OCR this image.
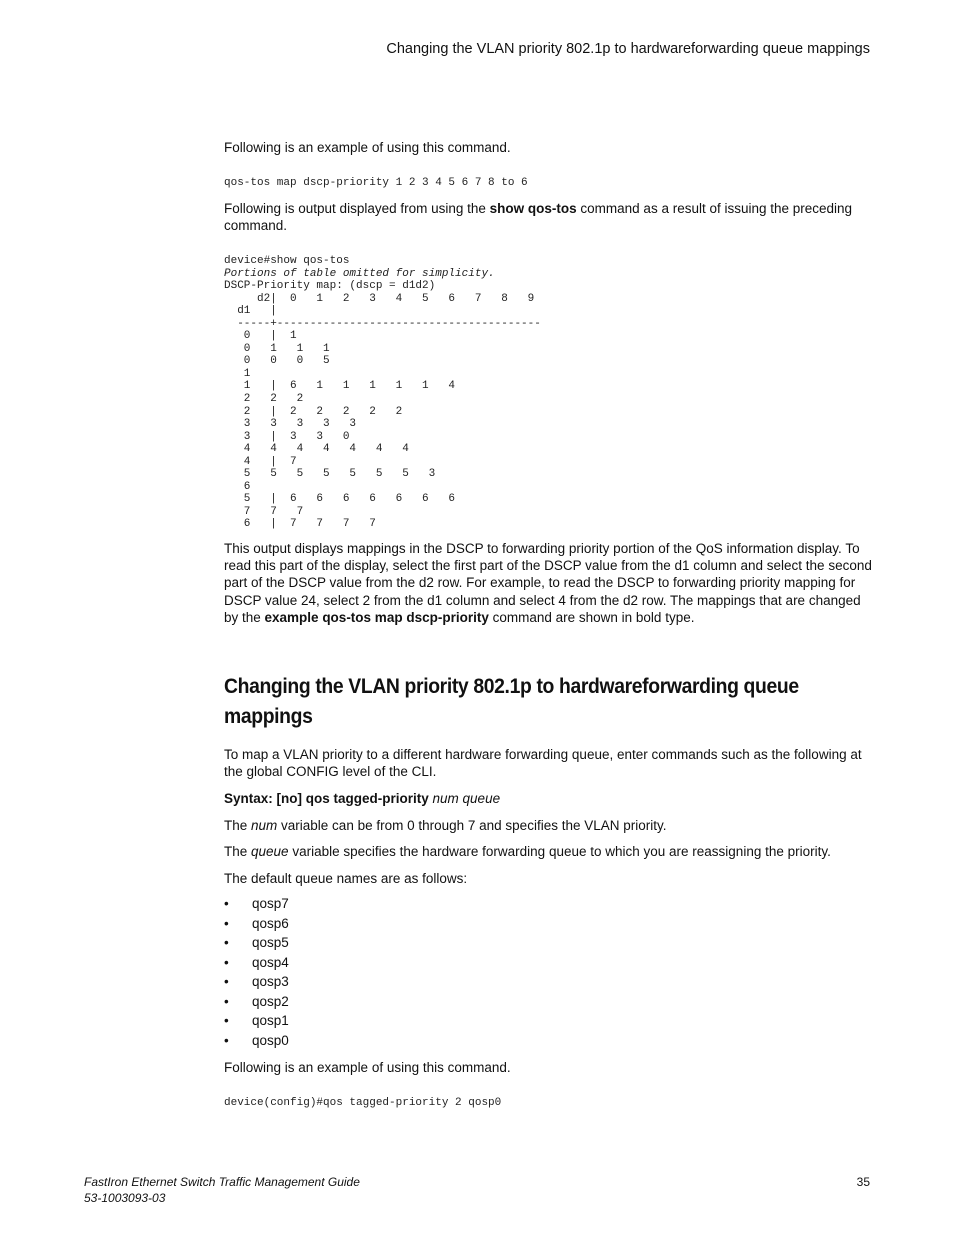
Changing the VLAN priority 802.1p to hardwareforwarding queue mappings

Following is an example of using this command.

qos-tos map dscp-priority 1 2 3 4 5 6 7 8 to 6

Following is output displayed from using the show qos-tos command as a result of issuing the preceding command.

device#show qos-tos
Portions of table omitted for simplicity.
DSCP-Priority map: (dscp = d1d2)
d2|  0   1   2   3   4   5   6   7   8   9
d1   |
-----+----------------------------------------
0   |  1
0   1   1   1
0   0   0   5
1
1   |  6   1   1   1   1   1   4
2   2   2
2   |  2   2   2   2   2
3   3   3   3   3
3   |  3   3   0
4   4   4   4   4   4   4
4   |  7
5   5   5   5   5   5   5   3
6
5   |  6   6   6   6   6   6   6
7   7   7
6   |  7   7   7   7

This output displays mappings in the DSCP to forwarding priority portion of the QoS information display. To read this part of the display, select the first part of the DSCP value from the d1 column and select the second part of the DSCP value from the d2 row. For example, to read the DSCP to forwarding priority mapping for DSCP value 24, select 2 from the d1 column and select 4 from the d2 row. The mappings that are changed by the example qos-tos map dscp-priority command are shown in bold type.

Changing the VLAN priority 802.1p to hardwareforwarding queue mappings

To map a VLAN priority to a different hardware forwarding queue, enter commands such as the following at the global CONFIG level of the CLI.

Syntax: [no] qos tagged-priority num queue

The num variable can be from 0 through 7 and specifies the VLAN priority.

The queue variable specifies the hardware forwarding queue to which you are reassigning the priority.

The default queue names are as follows:

• qosp7
• qosp6
• qosp5
• qosp4
• qosp3
• qosp2
• qosp1
• qosp0

Following is an example of using this command.

device(config)#qos tagged-priority 2 qosp0
FastIron Ethernet Switch Traffic Management Guide
53-1003093-03
35
